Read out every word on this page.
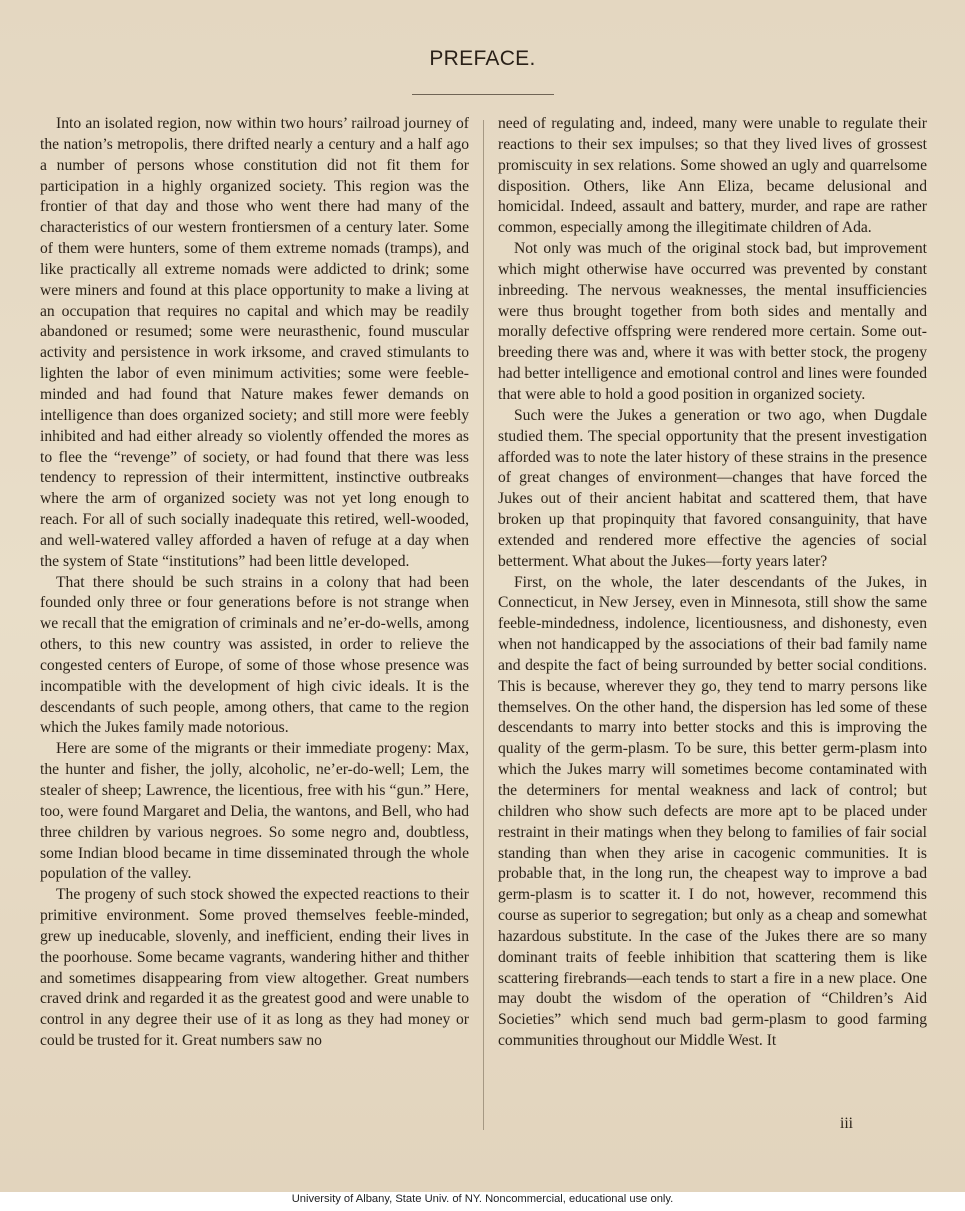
PREFACE.

Into an isolated region, now within two hours’ railroad journey of the nation’s metropolis, there drifted nearly a century and a half ago a number of persons whose constitution did not fit them for participation in a highly organized society. This region was the frontier of that day and those who went there had many of the characteristics of our western frontiersmen of a century later. Some of them were hunters, some of them extreme nomads (tramps), and like practically all extreme nomads were addicted to drink; some were miners and found at this place opportunity to make a living at an occupation that requires no capital and which may be readily abandoned or resumed; some were neurasthenic, found muscular activity and persistence in work irksome, and craved stimulants to lighten the labor of even minimum activities; some were feeble-minded and had found that Nature makes fewer demands on intelligence than does organized society; and still more were feebly inhibited and had either already so violently offended the mores as to flee the “revenge” of society, or had found that there was less tendency to repression of their intermittent, instinctive outbreaks where the arm of organized society was not yet long enough to reach. For all of such socially inadequate this retired, well-wooded, and well-watered valley afforded a haven of refuge at a day when the system of State “institutions” had been little developed.

That there should be such strains in a colony that had been founded only three or four generations before is not strange when we recall that the emigration of criminals and ne’er-do-wells, among others, to this new country was assisted, in order to relieve the congested centers of Europe, of some of those whose presence was incompatible with the development of high civic ideals. It is the descendants of such people, among others, that came to the region which the Jukes family made notorious.

Here are some of the migrants or their immediate progeny: Max, the hunter and fisher, the jolly, alcoholic, ne’er-do-well; Lem, the stealer of sheep; Lawrence, the licentious, free with his “gun.” Here, too, were found Margaret and Delia, the wantons, and Bell, who had three children by various negroes. So some negro and, doubtless, some Indian blood became in time disseminated through the whole population of the valley.

The progeny of such stock showed the expected reactions to their primitive environment. Some proved themselves feeble-minded, grew up ineducable, slovenly, and inefficient, ending their lives in the poorhouse. Some became vagrants, wandering hither and thither and sometimes disappearing from view altogether. Great numbers craved drink and regarded it as the greatest good and were unable to control in any degree their use of it as long as they had money or could be trusted for it. Great numbers saw no

need of regulating and, indeed, many were unable to regulate their reactions to their sex impulses; so that they lived lives of grossest promiscuity in sex relations. Some showed an ugly and quarrelsome disposition. Others, like Ann Eliza, became delusional and homicidal. Indeed, assault and battery, murder, and rape are rather common, especially among the illegitimate children of Ada.

Not only was much of the original stock bad, but improvement which might otherwise have occurred was prevented by constant inbreeding. The nervous weaknesses, the mental insufficiencies were thus brought together from both sides and mentally and morally defective offspring were rendered more certain. Some outbreeding there was and, where it was with better stock, the progeny had better intelligence and emotional control and lines were founded that were able to hold a good position in organized society.

Such were the Jukes a generation or two ago, when Dugdale studied them. The special opportunity that the present investigation afforded was to note the later history of these strains in the presence of great changes of environment—changes that have forced the Jukes out of their ancient habitat and scattered them, that have broken up that propinquity that favored consanguinity, that have extended and rendered more effective the agencies of social betterment. What about the Jukes—forty years later?

First, on the whole, the later descendants of the Jukes, in Connecticut, in New Jersey, even in Minnesota, still show the same feeble-mindedness, indolence, licentiousness, and dishonesty, even when not handicapped by the associations of their bad family name and despite the fact of being surrounded by better social conditions. This is because, wherever they go, they tend to marry persons like themselves. On the other hand, the dispersion has led some of these descendants to marry into better stocks and this is improving the quality of the germ-plasm. To be sure, this better germ-plasm into which the Jukes marry will sometimes become contaminated with the determiners for mental weakness and lack of control; but children who show such defects are more apt to be placed under restraint in their matings when they belong to families of fair social standing than when they arise in cacogenic communities. It is probable that, in the long run, the cheapest way to improve a bad germ-plasm is to scatter it. I do not, however, recommend this course as superior to segregation; but only as a cheap and somewhat hazardous substitute. In the case of the Jukes there are so many dominant traits of feeble inhibition that scattering them is like scattering firebrands—each tends to start a fire in a new place. One may doubt the wisdom of the operation of “Children’s Aid Societies” which send much bad germ-plasm to good farming communities throughout our Middle West. It

iii
University of Albany, State Univ. of NY. Noncommercial, educational use only.
